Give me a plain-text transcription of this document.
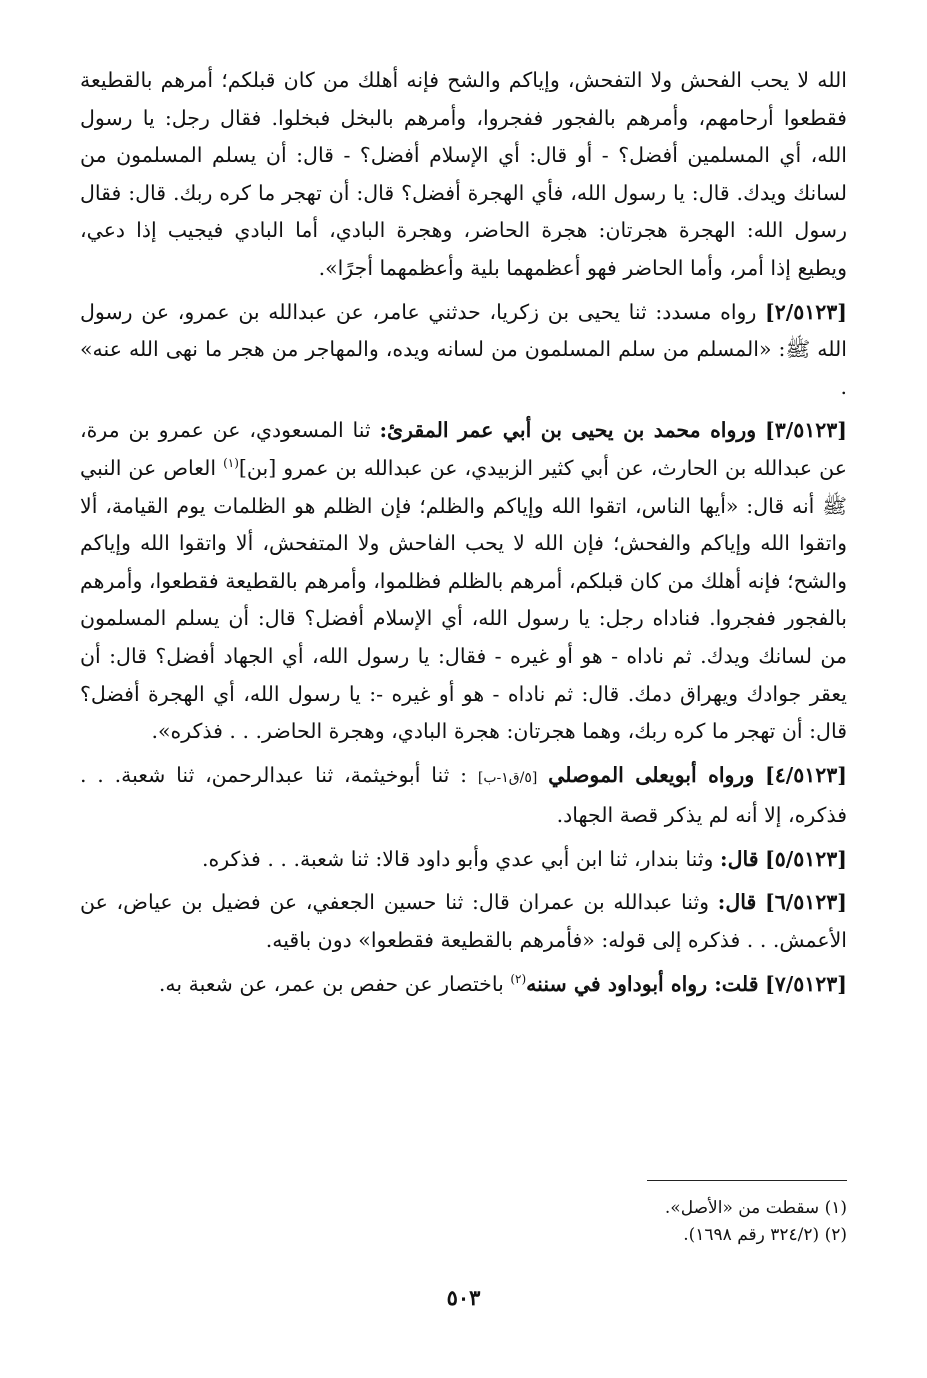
الله لا يحب الفحش ولا التفحش، وإياكم والشح فإنه أهلك من كان قبلكم؛ أمرهم بالقطيعة فقطعوا أرحامهم، وأمرهم بالفجور ففجروا، وأمرهم بالبخل فبخلوا. فقال رجل: يا رسول الله، أي المسلمين أفضل؟ - أو قال: أي الإسلام أفضل؟ - قال: أن يسلم المسلمون من لسانك ويدك. قال: يا رسول الله، فأي الهجرة أفضل؟ قال: أن تهجر ما كره ربك. قال: فقال رسول الله: الهجرة هجرتان: هجرة الحاضر، وهجرة البادي، أما البادي فيجيب إذا دعي، ويطيع إذا أمر، وأما الحاضر فهو أعظمهما بلية وأعظمهما أجرًا».

[٢/٥١٢٣] رواه مسدد: ثنا يحيى بن زكريا، حدثني عامر، عن عبدالله بن عمرو، عن رسول الله ﷺ: «المسلم من سلم المسلمون من لسانه ويده، والمهاجر من هجر ما نهى الله عنه» .

[٣/٥١٢٣] ورواه محمد بن يحيى بن أبي عمر المقرئ: ثنا المسعودي، عن عمرو بن مرة، عن عبدالله بن الحارث، عن أبي كثير الزبيدي، عن عبدالله بن عمرو [بن]$^{(١)}$ العاص عن النبي ﷺ أنه قال: «أيها الناس، اتقوا الله وإياكم والظلم؛ فإن الظلم هو الظلمات يوم القيامة، ألا واتقوا الله وإياكم والفحش؛ فإن الله لا يحب الفاحش ولا المتفحش، ألا واتقوا الله وإياكم والشح؛ فإنه أهلك من كان قبلكم، أمرهم بالظلم فظلموا، وأمرهم بالقطيعة فقطعوا، وأمرهم بالفجور ففجروا. فناداه رجل: يا رسول الله، أي الإسلام أفضل؟ قال: أن يسلم المسلمون من لسانك ويدك. ثم ناداه - هو أو غيره - فقال: يا رسول الله، أي الجهاد أفضل؟ قال: أن يعقر جوادك ويهراق دمك. قال: ثم ناداه - هو أو غيره -: يا رسول الله، أي الهجرة أفضل؟ قال: أن تهجر ما كره ربك، وهما هجرتان: هجرة البادي، وهجرة الحاضر. . . فذكره».

[٤/٥١٢٣] ورواه أبويعلى الموصلي [٥/ق١-ب] : ثنا أبوخيثمة، ثنا عبدالرحمن، ثنا شعبة. . . فذكره، إلا أنه لم يذكر قصة الجهاد.

[٥/٥١٢٣] قال: وثنا بندار، ثنا ابن أبي عدي وأبو داود قالا: ثنا شعبة. . . فذكره.

[٦/٥١٢٣] قال: وثنا عبدالله بن عمران قال: ثنا حسين الجعفي، عن فضيل بن عياض، عن الأعمش. . . فذكره إلى قوله: «فأمرهم بالقطيعة فقطعوا» دون باقيه.

[٧/٥١٢٣] قلت: رواه أبوداود في سننه$^{(٢)}$ باختصار عن حفص بن عمر، عن شعبة به.

(١) سقطت من «الأصل».

(٢) (٣٢٤/٢ رقم ١٦٩٨).

٥٠٣
